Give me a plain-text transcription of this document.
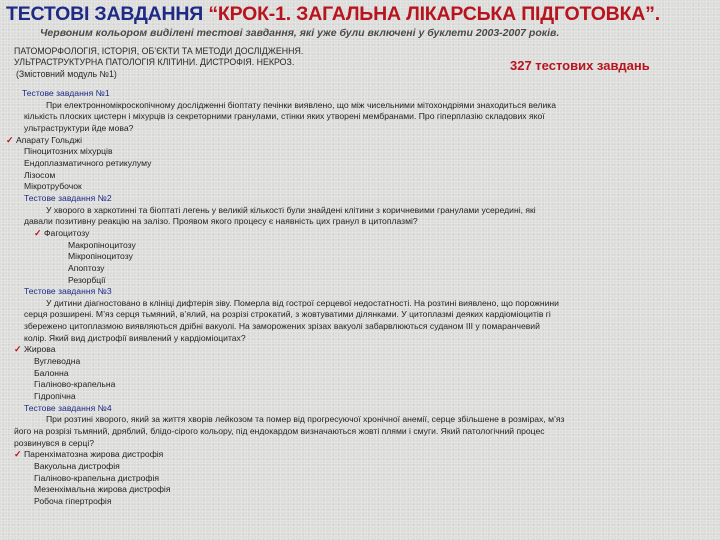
ТЕСТОВІ ЗАВДАННЯ “КРОК-1. ЗАГАЛЬНА ЛІКАРСЬКА ПІДГОТОВКА”.
Червоним кольором виділені тестові завдання, які уже були включені у буклети 2003-2007 років.
ПАТОМОРФОЛОГІЯ, ІСТОРІЯ, ОБ’ЄКТИ ТА МЕТОДИ ДОСЛІДЖЕННЯ.
УЛЬТРАСТРУКТУРНА ПАТОЛОГІЯ КЛІТИНИ. ДИСТРОФІЯ. НЕКРОЗ.
(Змістовний модуль №1)
327 тестових завдань
Тестове завдання №1
При електронномікроскопічному дослідженні біоптату печінки виявлено, що між чисельними мітохондріями знаходиться велика
кількість плоских цистерн і міхурців із секреторними гранулами, стінки яких утворені мембранами. Про гіперплазію складових якої
ультраструктури йде мова?
✓ Апарату Гольджі
Пiноцитозних мiхурцiв
Ендоплазматичного ретикулуму
Лiзосом
Мiкротрубочок
Тестове завдання №2
У хворого в харкотинні та біоптаті легень у великій кількості були знайдені клітини з коричневими гранулами усередині, які
давали позитивну реакцію на залізо. Проявом якого процесу є наявність цих гранул в цитоплазмі?
✓ Фагоцитозу
Макропiноцитозу
Мiкропiноцитозу
Апоптозу
Резорбції
Тестове завдання №3
У дитини діагностовано в клініці дифтерія зіву. Померла від гострої серцевої недостатності. На розтині виявлено, що порожнини
серця розширені. М’яз серця тьмяний, в’ялий, на розрізі строкатий, з жовтуватими ділянками. У цитоплазмі деяких кардіоміоцитів гі
збережено цитоплазмою виявляються дрібні вакуолі. На заморожених зрізах вакуолі забарвлюються суданом III у помаранчевий
колір. Який вид дистрофії виявлений у кардіоміоцитах?
✓ Жирова
Вуглеводна
Балонна
Гіаліново-крапельна
Гідропічна
Тестове завдання №4
При розтині хворого, який за життя хворів лейкозом та помер від прогресуючої хронічної анемії, серце збільшене в розмірах, м’яз
його на розрізі тьмяний, дряблий, блідо-сірого кольору, під ендокардом визначаються жовті плями і смуги. Який патологічний процес
розвинувся в серці?
✓ Паренхіматозна жирова дистрофія
Вакуольна дистрофія
Гіаліново-крапельна дистрофія
Мезенхімальна жирова дистрофія
Робоча гіпертрофія
